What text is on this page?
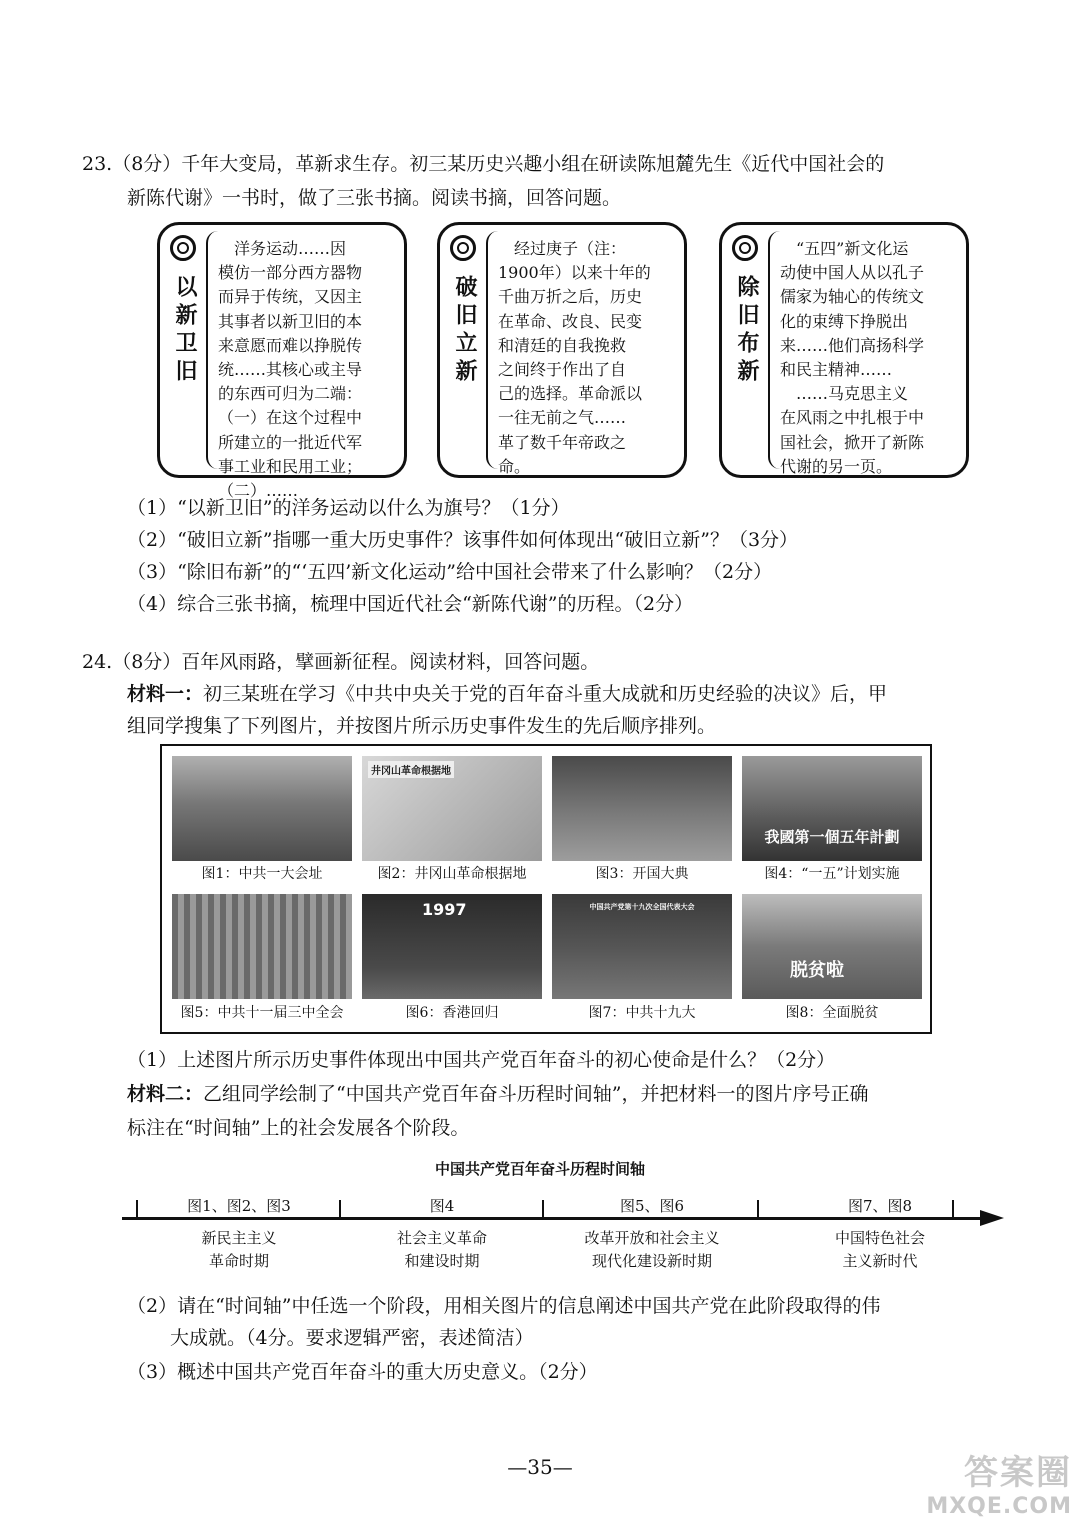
23.（8分）千年大变局，革新求生存。初三某历史兴趣小组在研读陈旭麓先生《近代中国社会的
新陈代谢》一书时，做了三张书摘。阅读书摘，回答问题。
以新卫旧
　洋务运动……因
模仿一部分西方器物
而异于传统，又因主
其事者以新卫旧的本
来意愿而难以挣脱传
统……其核心或主导
的东西可归为二端：
（一）在这个过程中
所建立的一批近代军
事工业和民用工业；
（二）……
破旧立新
　经过庚子（注：
1900年）以来十年的
千曲万折之后，历史
在革命、改良、民变
和清廷的自我挽救
之间终于作出了自
己的选择。革命派以
一往无前之气……
革了数千年帝政之
命。
除旧布新
　“五四”新文化运
动使中国人从以孔子
儒家为轴心的传统文
化的束缚下挣脱出
来……他们高扬科学
和民主精神……
　……马克思主义
在风雨之中扎根于中
国社会，掀开了新陈
代谢的另一页。
（1）“以新卫旧”的洋务运动以什么为旗号？（1分）
（2）“破旧立新”指哪一重大历史事件？该事件如何体现出“破旧立新”？（3分）
（3）“除旧布新”的“‘五四’新文化运动”给中国社会带来了什么影响？（2分）
（4）综合三张书摘，梳理中国近代社会“新陈代谢”的历程。（2分）
24.（8分）百年风雨路，擘画新征程。阅读材料，回答问题。
材料一：初三某班在学习《中共中央关于党的百年奋斗重大成就和历史经验的决议》后，甲
组同学搜集了下列图片，并按图片所示历史事件发生的先后顺序排列。
井冈山革命根据地
我國第一個五年計劃
图1：中共一大会址	图2：井冈山革命根据地	图3：开国大典	图4：“一五”计划实施
1997	中国共产党第十九次全国代表大会
脱贫啦
图5：中共十一届三中全会	图6：香港回归	图7：中共十九大	图8：全面脱贫
（1）上述图片所示历史事件体现出中国共产党百年奋斗的初心使命是什么？（2分）
材料二：乙组同学绘制了“中国共产党百年奋斗历程时间轴”，并把材料一的图片序号正确
标注在“时间轴”上的社会发展各个阶段。
中国共产党百年奋斗历程时间轴
图1、图2、图3	图4	图5、图6	图7、图8
新民主主义
革命时期
社会主义革命
和建设时期
改革开放和社会主义
现代化建设新时期
中国特色社会
主义新时代
（2）请在“时间轴”中任选一个阶段，用相关图片的信息阐述中国共产党在此阶段取得的伟
大成就。（4分。要求逻辑严密，表述简洁）
（3）概述中国共产党百年奋斗的重大历史意义。（2分）
—35—	答案圈
MXQE.COM
